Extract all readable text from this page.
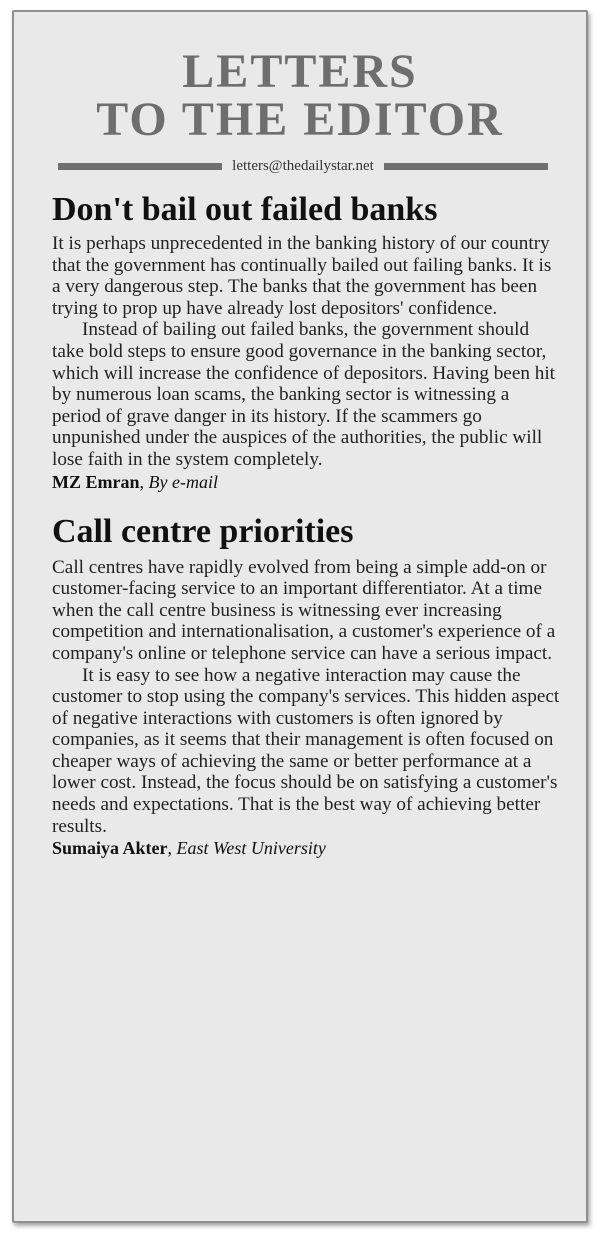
LETTERS
TO THE EDITOR
letters@thedailystar.net
Don't bail out failed banks

It is perhaps unprecedented in the banking history of our country that the government has continually bailed out failing banks. It is a very dangerous step. The banks that the government has been trying to prop up have already lost depositors' confidence.

Instead of bailing out failed banks, the government should take bold steps to ensure good governance in the banking sector, which will increase the confidence of depositors. Having been hit by numerous loan scams, the banking sector is witnessing a period of grave danger in its history. If the scammers go unpunished under the auspices of the authorities, the public will lose faith in the system completely.

MZ Emran, By e-mail

Call centre priorities

Call centres have rapidly evolved from being a simple add-on or customer-facing service to an important differentiator. At a time when the call centre business is witnessing ever increasing competition and internationalisation, a customer's experience of a company's online or telephone service can have a serious impact.

It is easy to see how a negative interaction may cause the customer to stop using the company's services. This hidden aspect of negative interactions with customers is often ignored by companies, as it seems that their management is often focused on cheaper ways of achieving the same or better performance at a lower cost. Instead, the focus should be on satisfying a customer's needs and expectations. That is the best way of achieving better results.

Sumaiya Akter, East West University
